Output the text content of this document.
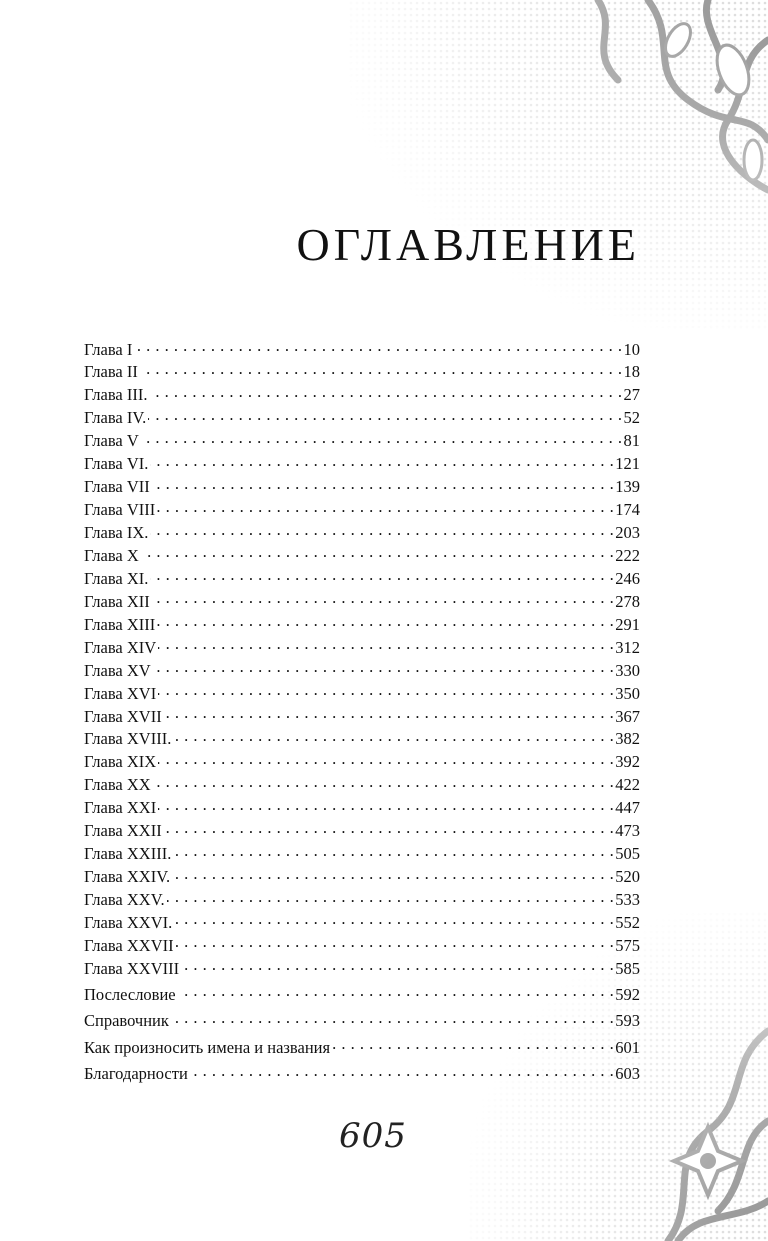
ОГЛАВЛЕНИЕ
Глава I . . .	10
Глава II . . .	18
Глава III. . . .	27
Глава IV. . . .	52
Глава V . . .	81
Глава VI. . . .	121
Глава VII . . .	139
Глава VIII . . .	174
Глава IX. . . .	203
Глава X . . .	222
Глава XI. . . .	246
Глава XII . . .	278
Глава XIII . . .	291
Глава XIV . . .	312
Глава XV . . .	330
Глава XVI . . .	350
Глава XVII . . .	367
Глава XVIII. . . .	382
Глава XIX . . .	392
Глава XX . . .	422
Глава XXI . . .	447
Глава XXII . . .	473
Глава XXIII. . . .	505
Глава XXIV. . . .	520
Глава XXV. . . .	533
Глава XXVI. . . .	552
Глава XXVII . . .	575
Глава XXVIII . . .	585
Послесловие . . .	592
Справочник . . .	593
Как произносить имена и названия . . .	601
Благодарности . . .	603
605
